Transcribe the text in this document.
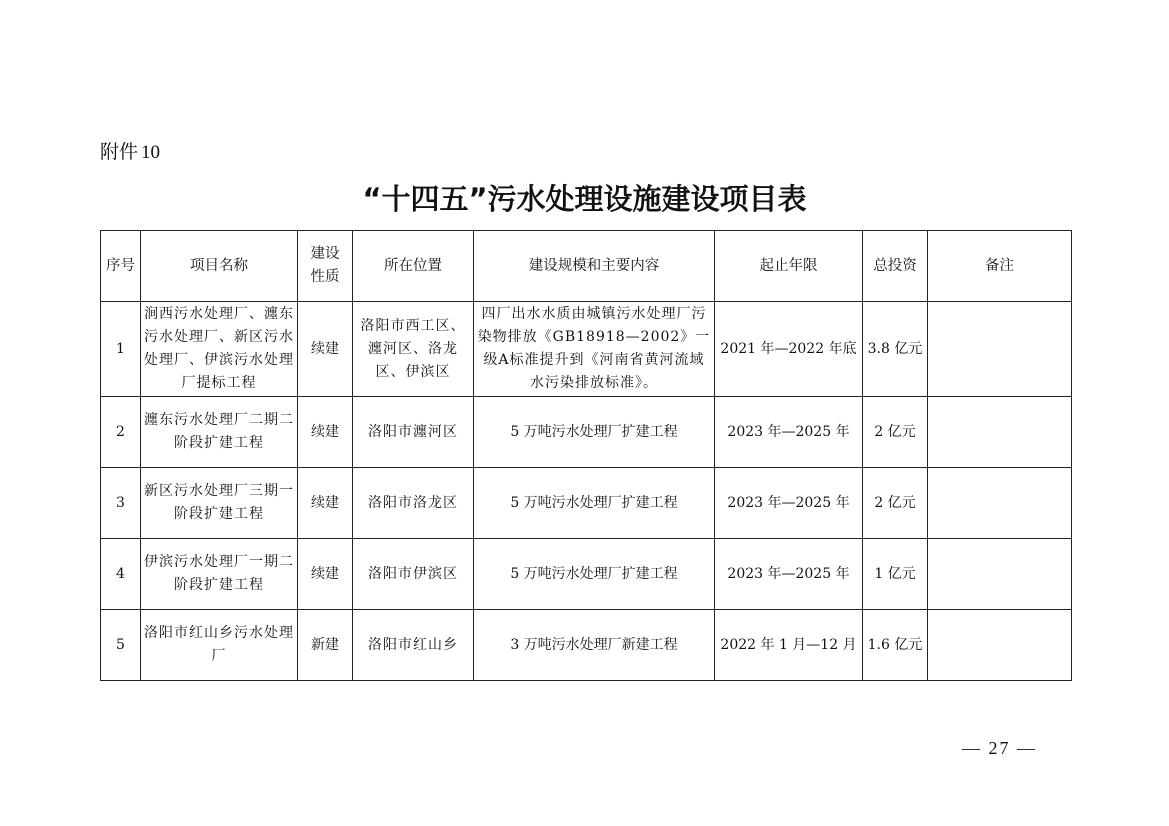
附件 10
“十四五”污水处理设施建设项目表
序号	项目名称	建设性质	所在位置	建设规模和主要内容	起止年限	总投资	备注
1	涧西污水处理厂、瀍东污水处理厂、新区污水处理厂、伊滨污水处理厂提标工程	续建	洛阳市西工区、瀍河区、洛龙区、伊滨区	四厂出水水质由城镇污水处理厂污染物排放《GB18918—2002》一级A标准提升到《河南省黄河流域水污染排放标准》。	2021 年—2022 年底	3.8 亿元	
2	瀍东污水处理厂二期二阶段扩建工程	续建	洛阳市瀍河区	5 万吨污水处理厂扩建工程	2023 年—2025 年	2 亿元	
3	新区污水处理厂三期一阶段扩建工程	续建	洛阳市洛龙区	5 万吨污水处理厂扩建工程	2023 年—2025 年	2 亿元	
4	伊滨污水处理厂一期二阶段扩建工程	续建	洛阳市伊滨区	5 万吨污水处理厂扩建工程	2023 年—2025 年	1 亿元	
5	洛阳市红山乡污水处理厂	新建	洛阳市红山乡	3 万吨污水处理厂新建工程	2022 年 1 月—12 月	1.6 亿元	
— 27 —
